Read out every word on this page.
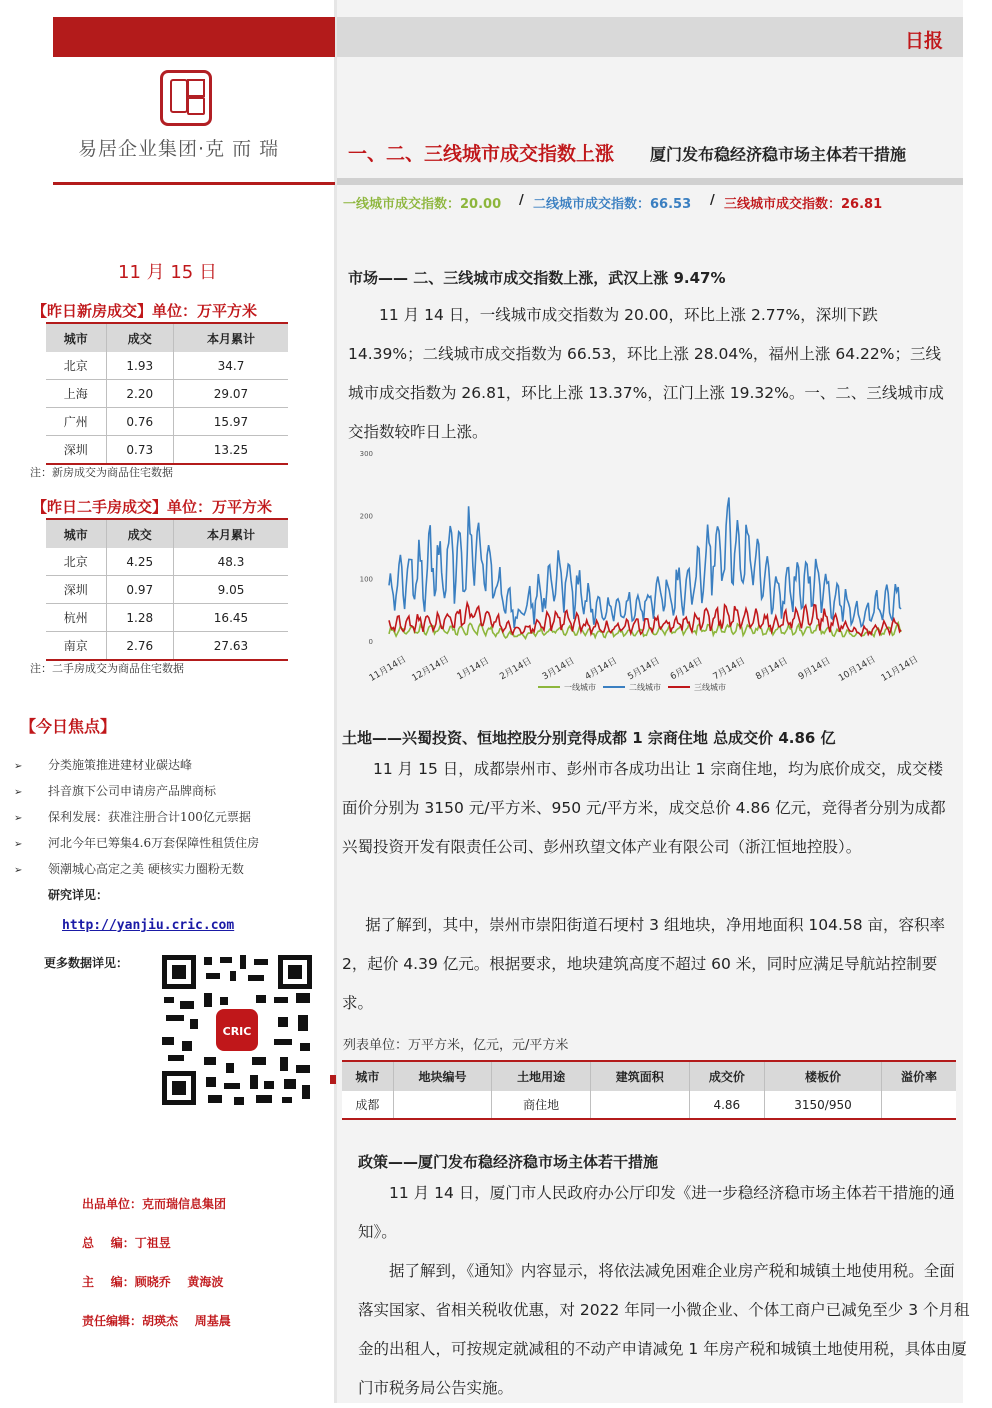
日报
易居企业集团·克 而 瑞	一、二、三线城市成交指数上涨 厦门发布稳经济稳市场主体若干措施
一线城市成交指数：20.00 / 二线城市成交指数：66.53 / 三线城市成交指数：26.81
11 月 15 日
【昨日新房成交】单位：万平方米
城市	成交	本月累计
北京	1.93	34.7
上海	2.20	29.07
广州	0.76	15.97
深圳	0.73	13.25
注：新房成交为商品住宅数据
【昨日二手房成交】单位：万平方米
城市	成交	本月累计
北京	4.25	48.3
深圳	0.97	9.05
杭州	1.28	16.45
南京	2.76	27.63
注：二手房成交为商品住宅数据
【今日焦点】
➢ 分类施策推进建材业碳达峰
➢ 抖音旗下公司申请房产品牌商标
➢ 保利发展：获准注册合计100亿元票据
➢ 河北今年已筹集4.6万套保障性租赁住房
➢ 领潮城心高定之美 硬核实力圈粉无数
研究详见：
http://yanjiu.cric.com
更多数据详见：
CRIC
出品单位：克而瑞信息集团
总    编：丁祖昱
主    编：顾晓乔    黄海波
责任编辑：胡瑛杰    周基晨
市场—— 二、三线城市成交指数上涨，武汉上涨 9.47%

11 月 14 日，一线城市成交指数为 20.00，环比上涨 2.77%，深圳下跌 14.39%；二线城市成交指数为 66.53，环比上涨 28.04%，福州上涨 64.22%；三线城市成交指数为 26.81，环比上涨 13.37%，江门上涨 19.32%。一、二、三线城市成交指数较昨日上涨。

0
100
200
300
11月14日 12月14日 1月14日 2月14日 3月14日 4月14日 5月14日 6月14日 7月14日 8月14日 9月14日 10月14日 11月14日
一线城市	二线城市	三线城市
土地——兴蜀投资、恒地控股分别竞得成都 1 宗商住地 总成交价 4.86 亿

11 月 15 日，成都崇州市、彭州市各成功出让 1 宗商住地，均为底价成交，成交楼面价分别为 3150 元/平方米、950 元/平方米，成交总价 4.86 亿元，竞得者分别为成都兴蜀投资开发有限责任公司、彭州玖望文体产业有限公司（浙江恒地控股）。

据了解到，其中，崇州市崇阳街道石埂村 3 组地块，净用地面积 104.58 亩，容积率 2，起价 4.39 亿元。根据要求，地块建筑高度不超过 60 米，同时应满足导航站控制要求。

列表单位：万平方米，亿元，元/平方米
城市	地块编号	土地用途	建筑面积	成交价	楼板价	溢价率
成都		商住地		4.86	3150/950	
政策——厦门发布稳经济稳市场主体若干措施

11 月 14 日，厦门市人民政府办公厅印发《进一步稳经济稳市场主体若干措施的通知》。

据了解到，《通知》内容显示，将依法减免困难企业房产税和城镇土地使用税。全面落实国家、省相关税收优惠，对 2022 年同一小微企业、个体工商户已减免至少 3 个月租金的出租人，可按规定就减租的不动产申请减免 1 年房产税和城镇土地使用税，具体由厦门市税务局公告实施。
